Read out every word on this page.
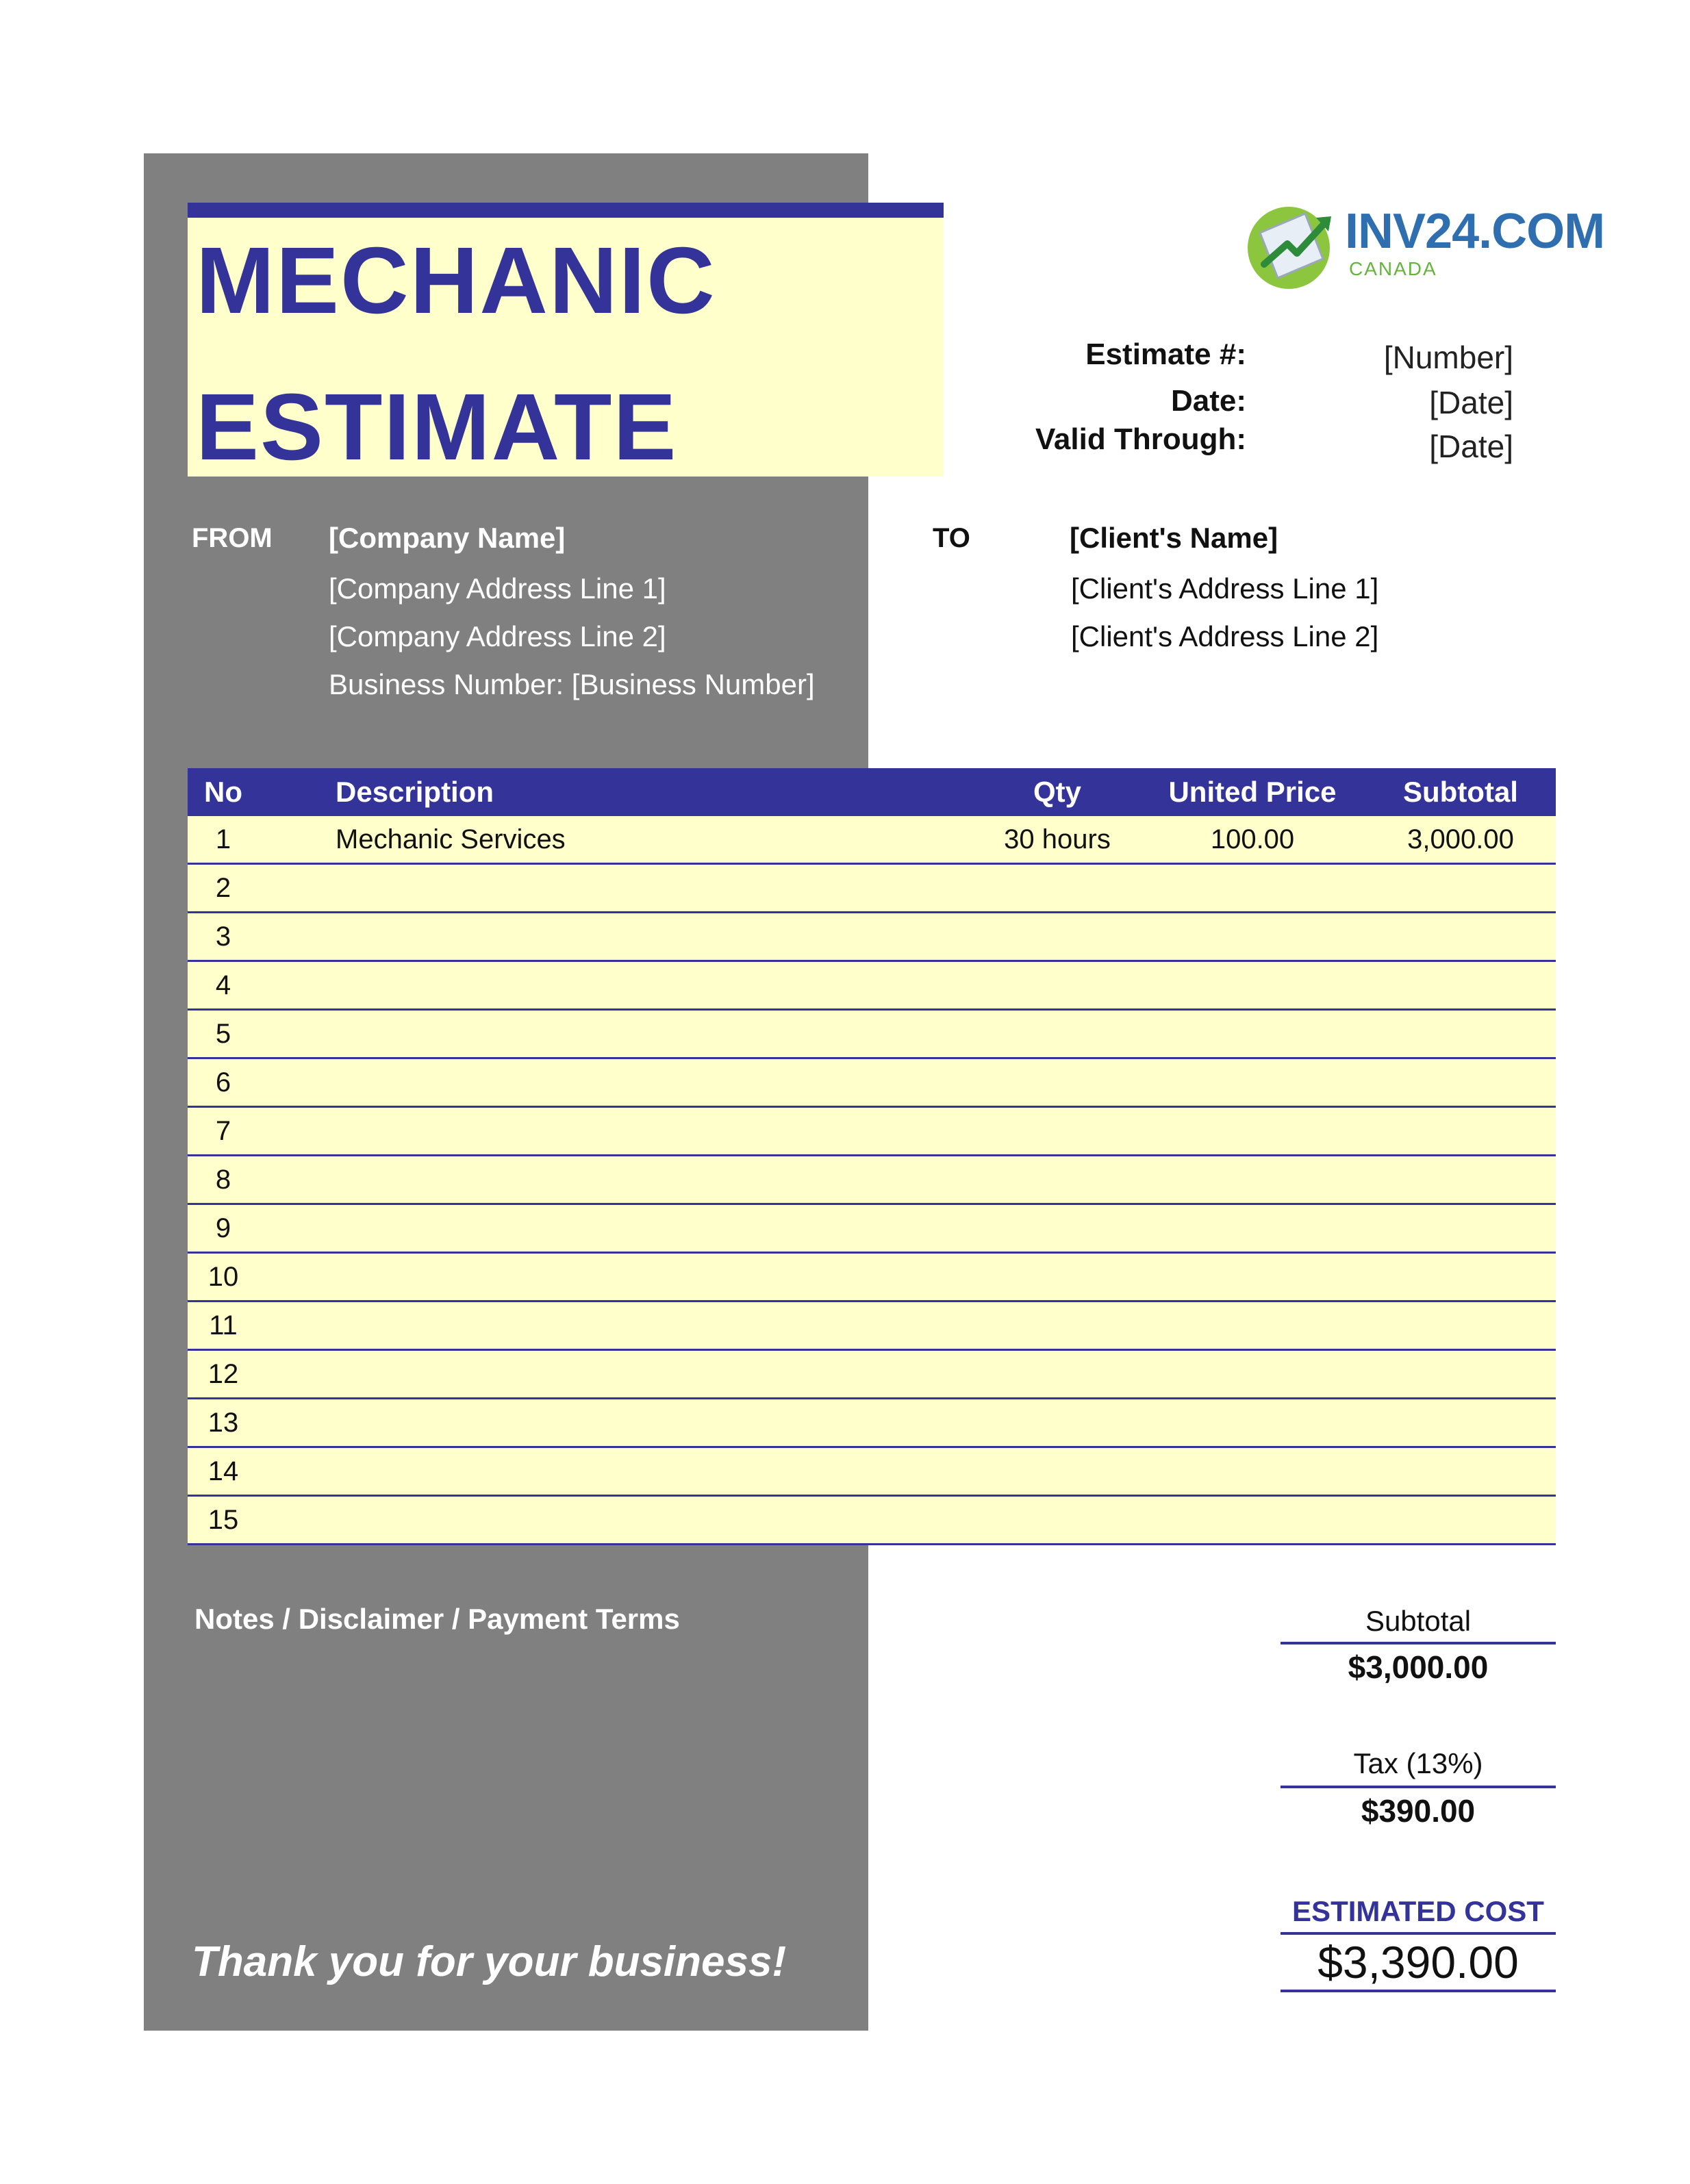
MECHANIC
ESTIMATE
INV24.COM
CANADA
Estimate #:	[Number]
Date:	[Date]
Valid Through:	[Date]
FROM [Company Name]
[Company Address Line 1]
[Company Address Line 2]
Business Number: [Business Number]
TO	[Client's Name]
[Client's Address Line 1]
[Client's Address Line 2]
No	Description	Qty	United Price	Subtotal
1	Mechanic Services	30 hours	100.00	3,000.00
2
3
4
5
6
7
8
9
10
11
12
13
14
15
Notes / Disclaimer / Payment Terms
Thank you for your business!
Subtotal
$3,000.00
Tax (13%)
$390.00
ESTIMATED COST
$3,390.00
